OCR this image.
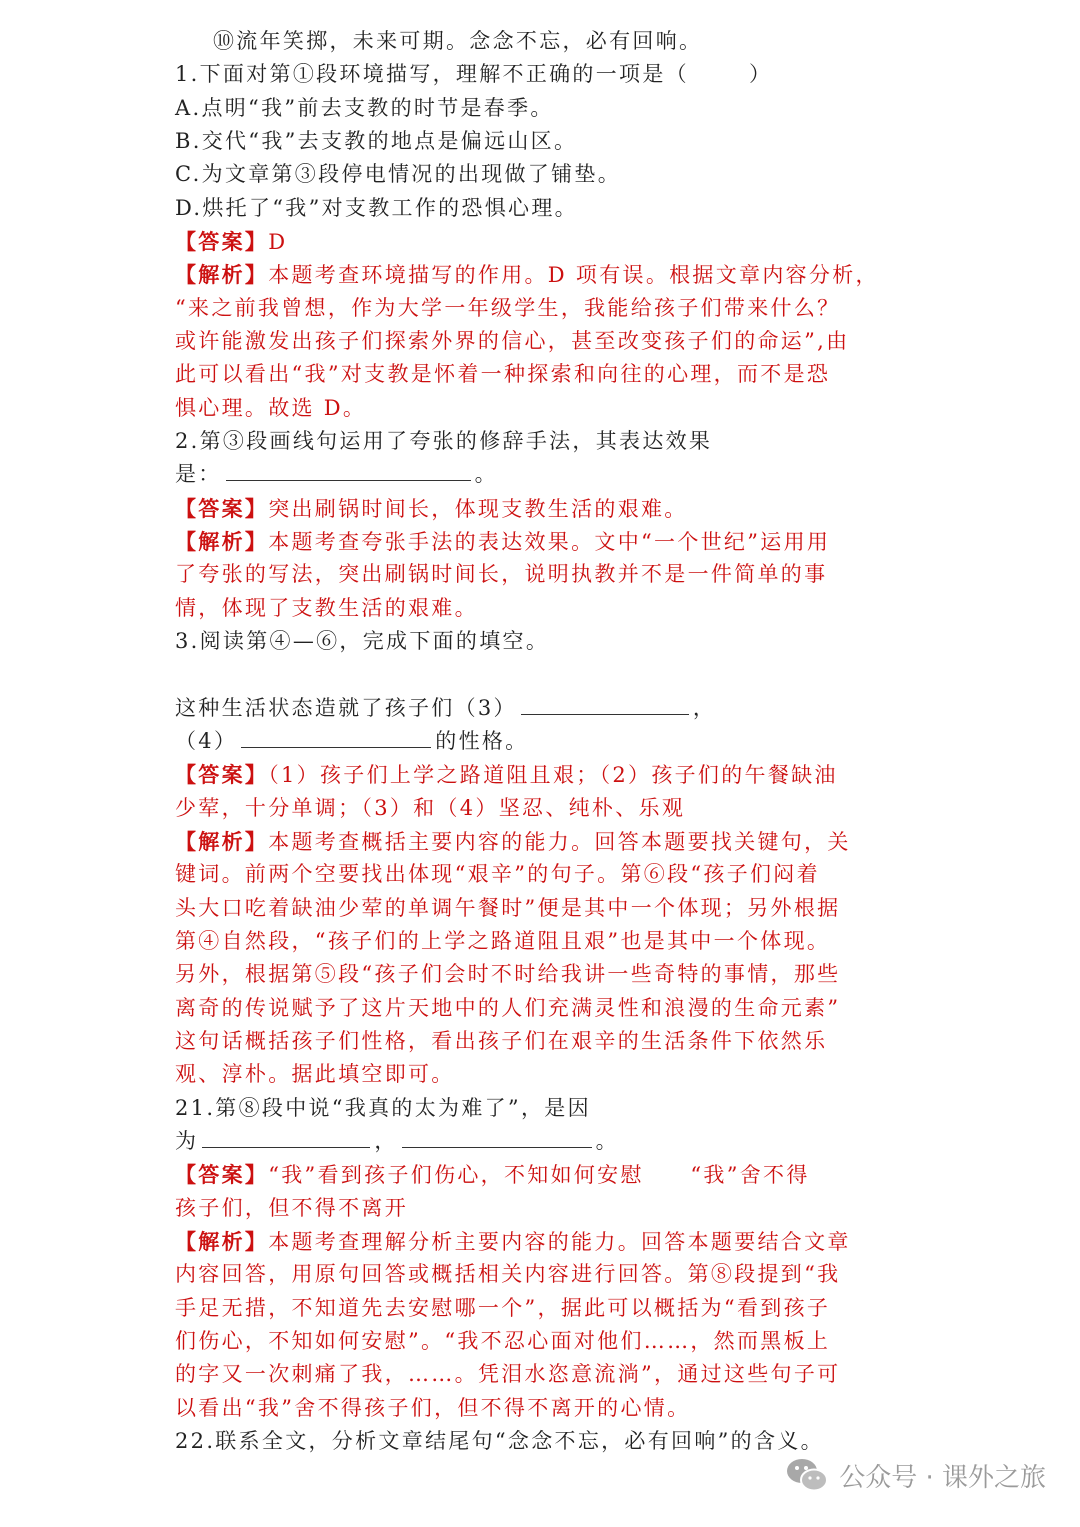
⑩流年笑掷，未来可期。念念不忘，必有回响。

1.下面对第①段环境描写，理解不正确的一项是（	）

A.点明“我”前去支教的时节是春季。

B.交代“我”去支教的地点是偏远山区。

C.为文章第③段停电情况的出现做了铺垫。

D.烘托了“我”对支教工作的恐惧心理。

【答案】D

【解析】本题考查环境描写的作用。D 项有误。根据文章内容分析，

“来之前我曾想，作为大学一年级学生，我能给孩子们带来什么？

或许能激发出孩子们探索外界的信心，甚至改变孩子们的命运”,由

此可以看出“我”对支教是怀着一种探索和向往的心理，而不是恐

惧心理。故选 D。

2.第③段画线句运用了夸张的修辞手法，其表达效果

是：	。

【答案】突出刷锅时间长，体现支教生活的艰难。

【解析】本题考查夸张手法的表达效果。文中“一个世纪”运用用

了夸张的写法，突出刷锅时间长，说明执教并不是一件简单的事

情，体现了支教生活的艰难。

3.阅读第④—⑥，完成下面的填空。

这种生活状态造就了孩子们（3）	，

（4）	的性格。

【答案】（1）孩子们上学之路道阻且艰；（2）孩子们的午餐缺油

少荤，十分单调；（3）和（4）坚忍、纯朴、乐观

【解析】本题考查概括主要内容的能力。回答本题要找关键句，关

键词。前两个空要找出体现“艰辛”的句子。第⑥段“孩子们闷着

头大口吃着缺油少荤的单调午餐时”便是其中一个体现；另外根据

第④自然段，“孩子们的上学之路道阻且艰”也是其中一个体现。

另外，根据第⑤段“孩子们会时不时给我讲一些奇特的事情，那些

离奇的传说赋予了这片天地中的人们充满灵性和浪漫的生命元素”

这句话概括孩子们性格，看出孩子们在艰辛的生活条件下依然乐

观、淳朴。据此填空即可。

21.第⑧段中说“我真的太为难了”，是因

为	，	。

【答案】“我”看到孩子们伤心，不知如何安慰　　“我”舍不得

孩子们，但不得不离开

【解析】本题考查理解分析主要内容的能力。回答本题要结合文章

内容回答，用原句回答或概括相关内容进行回答。第⑧段提到“我

手足无措，不知道先去安慰哪一个”，据此可以概括为“看到孩子

们伤心，不知如何安慰”。“我不忍心面对他们……，然而黑板上

的字又一次刺痛了我，……。凭泪水恣意流淌”，通过这些句子可

以看出“我”舍不得孩子们，但不得不离开的心情。

22.联系全文，分析文章结尾句“念念不忘，必有回响”的含义。

公众号 · 课外之旅
